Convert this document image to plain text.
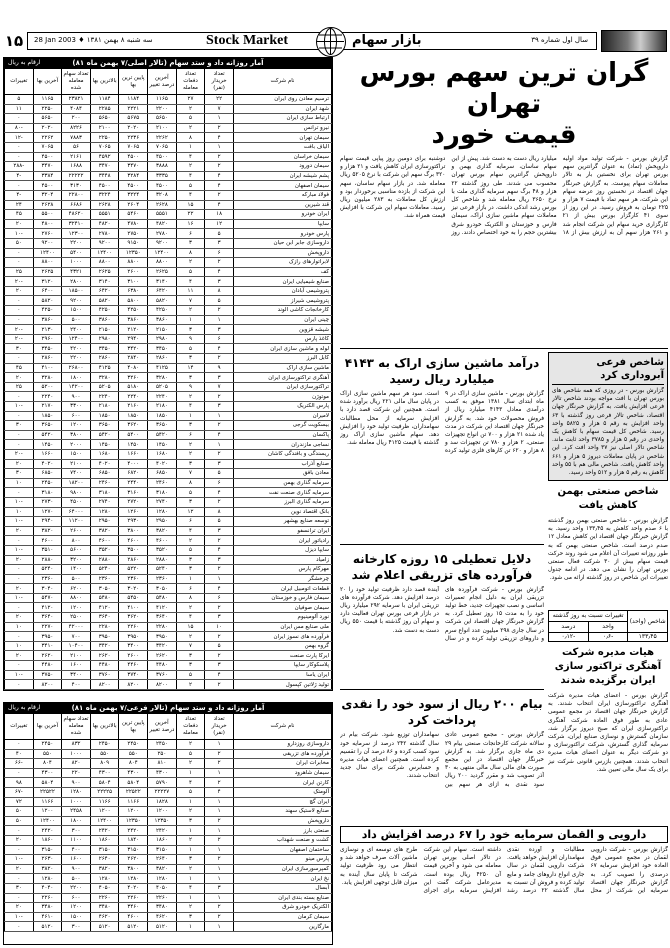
۱۵ 28 Jan 2003 ♦ سه شنبه ۸ بهمن ۱۳۸۱	Stock Market	بازار سهام	سال اول شماره ۳۹
آمار روزانه داد و ستد سهام (تالار اصلی/۷ بهمن ماه ۸۱)
ارقام به ریال
نام شرکت	تعداد خریدار (نفر)	تعداد دفعات معامله	آخرین درصد تغییر	پایین ترین بها	بالاترین بها	تعداد سهام معامله شده	آخرین بها	تغییرات
ترسیم معادن روی ایران	۲۲	۲۷	۱۱۶۵	۱۱۸۴	۱۱۸۴	۲۳۸۲۱	۱۱۶۵	۵
شهد ایران	۷	۲	۲۲۰۰	۲۲۲۱	۲۲۸۵	۴۰۸۴	۲۲۵۰	۱۱
ارتباط سازی ایران	۱	۵	۵۶۵۰	۵۶۷۵	۵۶۵۰	۲۰۰	۵۶۵۰	۰
نیرو ترانس	۲	۲	۲۱۰۰	۲۰۲۰	۲۱۰۰	۸۲۲۶	۲۰۲۰	-۸۰
سیمان تهران	۴	۸	۲۲۶۲	۲۲۳۶	۲۲۵۰	۷۸۸۳	۲۲۶۲	-۱۲
الیاف بافت	۱	۱	۷۰۶۵	۷۰۶۵	۷۰۶۵	۵۶	۷۰۶۵	۰
سیمان خراسان	۲	۴	۴۵۰۰	۴۵۰۰	۴۵۹۲	۲۱۶۱	۴۵۰۰	۰
سیمان دورود	۲	۲	۳۸۸۸	۳۴۷۰	۳۴۷۰	۱۶۸۸	۳۴۷۰	-۲۸۸
پشم شیشه ایران	۴	۴	۳۳۳۵	۳۲۸۴	۳۴۴۸	۲۲۲۲۲	۳۳۸۴	-۴
سیمان اصفهان	۴	۵	۴۵۰۰	۴۵۰۰	۴۵۰۰	۳۱۳۰	۴۵۰۰	۰
فولاد مبارکه	۲	۴	۳۲۰۸	۳۲۲۴	۳۲۲۴	۲۲۸۰۰	۳۲۰۴	-۴
قند شیرین	۴	۱۵	۲۶۲۸	۲۶۰۴	۲۶۲۸	۶۶۸۶	۲۶۲۸	۲۴
ایران خودرو	۱۸	۲۲	۵۵۵۱	۵۴۶۰	۵۵۵۱	۴۸۶۲۰	۵۵۰۰	۴۵
سایپا	۱۲	۱۶	۴۸۲۰	۴۷۸۰	۴۸۲۰	۳۲۴۱۰	۴۸۰۰	۲۰
پارس خودرو	۵	۶	۲۷۸۰	۲۷۵۰	۲۷۸۰	۱۲۳۰۰	۲۷۶۰	-۱۰
داروسازی جابر ابن حیان	۳	۳	۹۲۰۰	۹۱۵۰	۹۲۰۰	۲۲۰۰	۹۲۰۰	۵۰
داروپخش	۶	۸	۱۲۴۰۰	۱۲۳۵۰	۱۲۴۰۰	۵۴۰۰	۱۲۴۰۰	۰
لابراتوارهای رازک	۲	۲	۸۸۰۰	۸۸۰۰	۸۸۰۰	۱۰۰۰	۸۸۰۰	۰
کف	۴	۵	۲۶۲۵	۲۶۰۰	۲۶۲۵	۴۳۲۱	۲۶۲۵	۲۵
صنایع شیمیایی ایران	۳	۴	۳۱۴۰	۳۱۰۰	۳۱۴۰	۲۸۰۰	۳۱۲۰	-۲۰
پتروشیمی آبادان	۸	۱۱	۶۴۲۰	۶۳۸۰	۶۴۲۰	۱۸۵۰۰	۶۴۰۰	۲۰
پتروشیمی شیراز	۵	۷	۵۸۲۰	۵۸۰۰	۵۸۲۰	۹۲۰۰	۵۸۲۰	۰
کارخانجات کاشی الوند	۲	۲	۴۲۵۰	۴۲۵۰	۴۲۵۰	۱۵۰۰	۴۲۵۰	۰
چینی ایران	۱	۱	۳۸۶۰	۳۸۶۰	۳۸۶۰	۵۰۰	۳۸۶۰	۰
شیشه قزوین	۳	۳	۲۱۵۰	۲۱۲۰	۲۱۵۰	۲۴۰۰	۲۱۳۰	-۲۰
کاغذ پارس	۶	۹	۲۹۸۰	۲۹۴۰	۲۹۸۰	۱۲۴۰۰	۲۹۶۰	-۲۰
لوله و ماشین سازی ایران	۴	۵	۳۴۵۰	۳۴۲۰	۳۴۵۰	۴۲۰۰	۳۴۵۰	۳۰
کابل البرز	۲	۳	۲۸۶۰	۲۸۴۰	۲۸۶۰	۲۲۰۰	۲۸۶۰	۰
ماشین سازی اراک	۹	۱۴	۴۱۲۵	۴۰۸۰	۴۱۲۵	۲۶۸۰۰	۴۱۰۰	۴۵
آهنگری تراکتورسازی ایران	۳	۳	۳۲۸۰	۳۲۶۰	۳۲۸۰	۱۸۰۰	۳۲۸۰	۲۰
تراکتورسازی ایران	۷	۹	۵۲۰۵	۵۱۸۰	۵۲۰۵	۱۴۲۰۰	۵۲۰۰	۲۵
موتوژن	۲	۲	۲۲۴۰	۲۲۴۰	۲۲۴۰	۹۰۰	۲۲۴۰	۰
پارس الکتریک	۳	۴	۲۱۸۰	۲۱۶۰	۲۱۸۰	۳۳۰۰	۲۱۷۰	-۱۰
لامیران	۱	۱	۱۸۵۰	۱۸۵۰	۱۸۵۰	۶۰۰	۱۸۵۰	۰
بیسکویت گرجی	۲	۳	۳۶۵۰	۳۶۲۰	۳۶۵۰	۱۲۰۰	۳۶۵۰	۳۰
پاکسان	۴	۶	۵۴۲۰	۵۴۰۰	۵۴۲۰	۳۸۰۰	۵۴۲۰	۰
نساجی مازندران	۱	۲	۱۴۵۰	۱۴۵۰	۱۴۵۰	۲۰۰۰	۱۴۵۰	۰
ریسندگی و بافندگی کاشان	۲	۲	۱۶۸۰	۱۶۶۰	۱۶۸۰	۱۵۰۰	۱۶۶۰	-۲۰
صنایع آذراب	۳	۳	۴۰۲۰	۴۰۰۰	۴۰۲۰	۲۱۰۰	۴۰۲۰	۲۰
معادن بافق	۵	۷	۶۸۵۰	۶۸۲۰	۶۸۵۰	۷۴۰۰	۶۸۵۰	۳۰
سرمایه گذاری بهمن	۶	۸	۲۴۶۰	۲۴۴۰	۲۴۶۰	۱۸۲۰۰	۲۴۵۰	۱۰
سرمایه گذاری صنعت نفت	۴	۵	۳۱۸۰	۳۱۶۰	۳۱۸۰	۹۸۰۰	۳۱۸۰	۰
سرمایه گذاری البرز	۲	۳	۲۷۴۰	۲۷۲۰	۲۷۴۰	۴۵۰۰	۲۷۳۰	-۱۰
بانک اقتصاد نوین	۸	۱۲	۱۲۸۰	۱۲۶۰	۱۲۸۰	۶۴۰۰۰	۱۲۷۰	۱۰
توسعه صنایع بهشهر	۵	۶	۲۹۵۰	۲۹۳۰	۲۹۵۰	۱۱۲۰۰	۲۹۴۰	-۱۰
ایران ترانسفو	۳	۴	۳۸۲۰	۳۸۰۰	۳۸۲۰	۲۶۰۰	۳۸۲۰	۲۰
رادیاتور ایران	۲	۲	۴۶۰۰	۴۶۰۰	۴۶۰۰	۸۰۰	۴۶۰۰	۰
سایپا دیزل	۴	۵	۳۵۲۰	۳۵۰۰	۳۵۲۰	۵۶۰۰	۳۵۱۰	-۱۰
زامیاد	۳	۳	۲۸۸۰	۲۸۶۰	۲۸۸۰	۳۲۰۰	۲۸۸۰	۲۰
مهرکام پارس	۲	۳	۵۲۴۰	۵۲۲۰	۵۲۴۰	۱۴۰۰	۵۲۴۰	۰
چرخشگر	۱	۱	۲۳۶۰	۲۳۶۰	۲۳۶۰	۵۰۰	۲۳۶۰	۰
قطعات اتومبیل ایران	۴	۶	۳۰۵۰	۳۰۲۰	۳۰۵۰	۶۲۰۰	۳۰۴۰	۲۰
سیمان فارس و خوزستان	۶	۸	۵۴۸۰	۵۴۵۰	۵۴۸۰	۸۸۰۰	۵۴۷۰	-۱۰
سیمان صوفیان	۲	۲	۴۱۲۰	۴۱۰۰	۴۱۲۰	۱۲۰۰	۴۱۲۰	۰
نورد آلومینیوم	۳	۴	۳۶۴۰	۳۶۲۰	۳۶۴۰	۲۵۰۰	۳۶۴۰	۲۰
ملی صنایع مس ایران	۱۰	۱۵	۲۲۸۰	۲۲۶۰	۲۲۸۰	۴۲۰۰۰	۲۲۷۰	۱۰
فرآورده های نسوز ایران	۲	۲	۳۹۵۰	۳۹۵۰	۳۹۵۰	۷۰۰	۳۹۵۰	۰
گروه بهمن	۵	۷	۳۴۲۰	۳۴۰۰	۳۴۲۰	۱۰۴۰۰	۳۴۱۰	۱۰
ایرکا پارت صنعت	۲	۳	۲۶۲۰	۲۶۰۰	۲۶۲۰	۲۱۰۰	۲۶۲۰	۲۰
پلاسکوکار سایپا	۳	۳	۴۴۸۰	۴۴۶۰	۴۴۸۰	۱۶۰۰	۴۴۸۰	۰
ایران یاسا	۴	۵	۳۷۶۰	۳۷۴۰	۳۷۶۰	۳۴۰۰	۳۷۵۰	-۱۰
تولید ژلاتین کپسول	۲	۲	۸۲۰۰	۸۲۰۰	۸۲۰۰	۴۰۰	۸۲۰۰	۰
آمار روزانه داد و ستد سهام (تالار فرعی/۷ بهمن ماه ۸۱)
ارقام به ریال
نام شرکت	تعداد خریدار (نفر)	تعداد دفعات معامله	آخرین درصد تغییر	پایین ترین بها	بالاترین بها	تعداد سهام معامله شده	آخرین بها	تغییرات
داروسازی روزدارو	۱	۲	۲۴۵۰	۲۴۵۰	۲۴۵۰	۸۳۲	۲۴۵۰	۰
فرآورده های تزریقی	۲	۵	۲۵۰	۵۵۰	۵۵۰	۱۰۰۰	۵۵۰	۴۰
مخابرات ایران	۲	۲	۸۱۰	۸۰۴	۸۰۹	۸۲۰	۸۰۴	-۶۶
سیمان شاهرود	۱	۱	۴۳۰۰	۴۳۰۰	۴۳۰۰	۲۲۰	۴۳۰۰	۰
کارتن ایران	۲	۴	۵۷۹۰	۵۸۰۴	۵۸۰۴	۹۰۰	۵۸۰۴	۹۸
آلومتک	۴	۵	۲۲۲۲۷	۲۲۵۲۲	۲۲۲۲۵	۱۲۸۰	۲۲۵۲۲	-۶۷
ایران گچ	۱	۱	۱۸۲۸	۱۱۶۶	۱۱۶۶	۱۰۰۰	۱۱۶۶	۷۲
صنایع لاستیک سهند	۱	۲	۱۲۰۰	۱۲۰۰	۱۲۰۰	۲۴۵۸	۱۲۰۰	۵۰
داروپخش	۲	۳	۱۲۳۵۰	۱۲۳۵۰	۱۲۴۰۰	۱۸۰۰	۱۲۴۰۰	۵۰
صنعتی بارز	۱	۱	۲۴۲۰	۲۴۲۰	۲۴۲۰	۳۰۰	۲۴۲۰	۰
کشت و صنعت شهداب	۲	۲	۱۸۶۰	۱۸۴۰	۱۸۶۰	۱۱۰۰	۱۸۶۰	۲۰
ساختمان اصفهان	۱	۱	۳۱۵۰	۳۱۵۰	۳۱۵۰	۴۰۰	۳۱۵۰	۰
پارس مینو	۲	۳	۲۶۴۰	۲۶۲۰	۲۶۴۰	۱۶۰۰	۲۶۳۰	-۱۰
کمپرسورسازی ایران	۱	۲	۳۸۲۰	۳۸۰۰	۳۸۲۰	۹۰۰	۳۸۲۰	۲۰
نخ ایران	۱	۱	۱۲۸۰	۱۲۸۰	۱۲۸۰	۵۰۰	۱۲۸۰	۰
آبسال	۳	۴	۴۰۵۰	۴۰۲۰	۴۰۵۰	۲۲۰۰	۴۰۴۰	۳۰
صنایع بسته بندی ایران	۱	۱	۲۲۶۰	۲۲۶۰	۲۲۶۰	۶۰۰	۲۲۶۰	۰
الکتریک خودرو شرق	۲	۲	۳۴۸۰	۳۴۶۰	۳۴۸۰	۱۲۰۰	۳۴۸۰	۲۰
سیمان کرمان	۲	۳	۴۶۲۰	۴۶۰۰	۴۶۲۰	۱۵۰۰	۴۶۱۰	-۱۰
مارگارین	۱	۱	۵۱۲۰	۵۱۲۰	۵۱۲۰	۳۰۰	۵۱۲۰	۰
گران ترین سهم بورس تهران
قیمت خورد
گزارش بورس - شرکت تولید مواد اولیه داروپخش (تماد) به عنوان گرانترین سهم بورس تهران برای نخستین بار به تالار معاملات سهام پیوست. به گزارش خبرنگار جهان اقتصاد در نخستین روز عرضه سهام این شرکت، هر سهم تماد با قیمت ۷ هزار و ۲۲۵ تومان به فروش رسید. در این روز از سوی ۴۱ کارگزار بورس بیش از ۲۱ کارگزاری خرید سهام این شرکت انجام شد و ۲۶۱ هزار سهم آن به ارزش بیش از ۱۸ میلیارد ریال دست به دست شد. پیش از این سهام ساسان، سرمایه گذاری بهمن و داروپخش گرانترین سهام بورس تهران محسوب می شدند. طی روز گذشته ۲۲ هزار و ۴۸ برگ سهم سرمایه گذاری ملت با نرخ ۳۶۵۰ ریال معامله شد و شاخص کل بورس رشد اندکی داشت. در بازار فرعی نیز معاملات سهام ماشین سازی اراک، سیمان فارس و خوزستان و الکتریک خودرو شرق بیشترین حجم را به خود اختصاص دادند. روز دوشنبه برای دومین روز پیاپی قیمت سهام تراکتورسازی ایران کاهش یافت و ۲۱ هزار و ۳۲۰ برگ سهم این شرکت با نرخ ۵۲۰۵ ریال معامله شد. در بازار سهام ساسان، سهم این شرکت از بازده مناسبی برخوردار بود و ارزش کل معاملات به ۲۸۳ میلیون ریال رسید. معاملات سهام این شرکت با افزایش قیمت همراه شد.
درآمد ماشین سازی اراک به ۴۱۴۳ میلیارد ریال رسید
گزارش بورس - ماشین سازی اراک در ۹ ماه ابتدای سال ۱۳۸۱ موفق به کسب درآمدی معادل ۴۱۴۳ میلیارد ریال از فروش محصولات خود شد. به گزارش خبرنگار جهان اقتصاد این شرکت در مدت یاد شده ۲۱ هزار و ۷۰۰ تن انواع تجهیزات صنعتی، ۲ هزار و ۷۸۰ تن تجهیزات سد و ۸ هزار و ۶۲۰ تن کارهای فلزی تولید کرده است. سود هر سهم ماشین سازی اراک در پایان سال مالی ۲۲۱ ریال برآورد شده است. همچنین این شرکت قصد دارد با افزایش سرمایه از محل مطالبات سهامداران، ظرفیت تولید خود را افزایش دهد. سهام ماشین سازی اراک روز گذشته با قیمت ۴۱۲۵ ریال معامله شد.
دلایل تعطیلی ۱۵ روزه کارخانه فرآورده های تزریقی اعلام شد
گزارش بورس - شرکت فرآورده های تزریقی ایران به دلیل انجام تعمیرات اساسی و نصب تجهیزات جدید، خط تولید خود را به مدت ۱۵ روز تعطیل کرد. به گزارش خبرنگار جهان اقتصاد این شرکت در سال جاری ۲۹۸ میلیون عدد انواع سرم و داروهای تزریقی تولید کرده و در سال آینده قصد دارد ظرفیت تولید خود را ۲۰ درصد افزایش دهد. شرکت فرآورده های تزریقی ایران با سرمایه ۲۹۲ میلیارد ریال در بازار فرعی بورس تهران فعالیت دارد و سهام آن روز گذشته با قیمت ۵۵۰ ریال دست به دست شد.
بیام ۲۰۰ ریال از سود خود را نقدی پرداخت کرد
گزارش بورس - مجمع عمومی عادی سالانه شرکت کارخانجات صنعتی بیام ۲۹ دی ماه جاری برگزار شد. به گزارش خبرنگار جهان اقتصاد در این مجمع صورت های مالی سال مالی منتهی به ۳۰ آذر تصویب شد و مقرر گردید ۲۰۰ ریال سود نقدی به ازای هر سهم بین سهامداران توزیع شود. شرکت بیام در سال گذشته ۲۴۲ درصد از سرمایه خود سود کسب کرده و ۸۶ درصد آن را تقسیم کرده است. همچنین اعضای هیات مدیره و حسابرس شرکت برای سال جدید انتخاب شدند.
شاخص فرعی آبروداری کرد
گزارش بورس - در روزی که همه شاخص های بورس تهران با افت مواجه بودند شاخص تالار فرعی افزایش یافت. به گزارش خبرنگار جهان اقتصاد، شاخص تالار فرعی روز گذشته با ۶۳ واحد افزایش به رقم ۵ هزار و ۵۸۲۵ واحد رسید. شاخص کل قیمت سهام با کاهش یک واحدی در رقم ۵ هزار و ۳۷۸۵ واحد ثابت ماند. شاخص تالار اصلی نیز ۳۷ واحد افت کرد. این شاخص در پایان معاملات دیروز ۵ هزار و ۶۶۱ واحد کاهش یافت. شاخص مالی هم با ۵۵ واحد کاهش به رقم ۵ هزار و ۵۱۲ واحد رسید.
شاخص صنعتی بهمن کاهش یافت
گزارش بورس - شاخص صنعتی بهمن روز گذشته با ۶ صدم واحد کاهش به ۱۳۳٫۴۵ واحد رسید. به گزارش خبرنگار جهان اقتصاد این کاهش معادل ۱۲ صدم درصد است. شاخص صنعتی بهمن که به طور روزانه تغییرات آن اعلام می شود روند حرکت قیمت سهام بیش از ۳۰ شرکت فعال صنعتی بورس تهران را نشان می دهد. در ادامه جدول تغییرات این شاخص در روز گذشته ارائه می شود.
شاخص (واحد)	تغییرات نسبت به روز گذشته	
	واحد	درصد
۱۳۳٫۴۵	-۰٫۶	-۰٫۱۲
هیات مدیره شرکت آهنگری تراکتور سازی ایران برگزیده شدند
گزارش بورس - اعضای هیات مدیره شرکت آهنگری تراکتورسازی ایران انتخاب شدند. به گزارش خبرنگار جهان اقتصاد در مجمع عمومی عادی به طور فوق العاده شرکت آهنگری تراکتورسازی ایران که صبح دیروز برگزار شد، سازمان گسترش و نوسازی صنایع ایران، شرکت سرمایه گذاری گسترش، شرکت تراکتورسازی و دو شرکت دیگر به عنوان اعضای هیات مدیره انتخاب شدند. همچنین بازرس قانونی شرکت نیز برای یک سال مالی تعیین شد.
دارویی و القمان سرمایه خود را ۶۷ درصد افزایش داد
گزارش بورس - شرکت دارویی لقمان در مجمع عمومی فوق العاده خود افزایش سرمایه ۶۷ درصدی را تصویب کرد. به گزارش خبرنگار جهان اقتصاد سرمایه این شرکت از محل مطالبات و آورده نقدی سهامداران افزایش خواهد یافت. شرکت دارویی لقمان در سال جاری انواع داروهای جامد و مایع تولید کرده و فروش آن نسبت به سال گذشته ۲۲ درصد رشد داشته است. سهام این شرکت در تالار اصلی بورس تهران معامله می شود و آخرین قیمت آن ۴۲۵۰ ریال بوده است. مدیرعامل شرکت گفت این افزایش سرمایه برای اجرای طرح های توسعه ای و نوسازی ماشین آلات صرف خواهد شد و انتظار می رود ظرفیت تولید شرکت تا پایان سال آینده به میزان قابل توجهی افزایش یابد.
